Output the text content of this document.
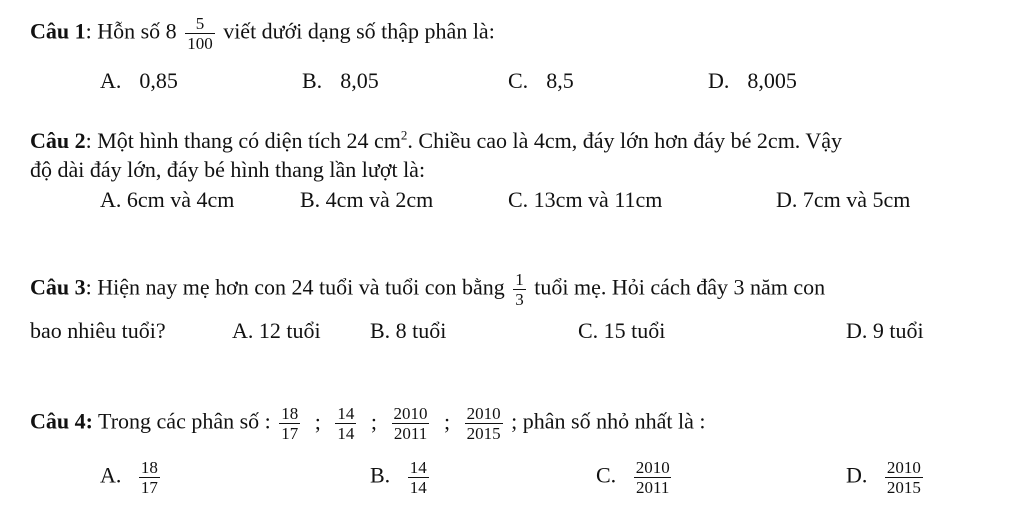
Câu 1: Hỗn số $8 \frac{5}{100}$ viết dưới dạng số thập phân là:
A. 0,85	B. 8,05	C. 8,5	D. 8,005
Câu 2: Một hình thang có diện tích 24 $cm^2$. Chiều cao là 4cm, đáy lớn hơn đáy bé 2cm. Vậy
độ dài đáy lớn, đáy bé hình thang lần lượt là:
A. 6cm và 4cm	B. 4cm và 2cm	C. 13cm và 11cm	D. 7cm và 5cm
Câu 3: Hiện nay mẹ hơn con 24 tuổi và tuổi con bằng $\frac{1}{3}$ tuổi mẹ. Hỏi cách đây 3 năm con
bao nhiêu tuổi?	A. 12 tuổi B. 8 tuổi	C. 15 tuổi	D. 9 tuổi
Câu 4: Trong các phân số : $\frac{18}{17}$ ; $\frac{14}{14}$ ; $\frac{2010}{2011}$ ; $\frac{2010}{2015}$ ; phân số nhỏ nhất là :
A. $\frac{18}{17}$	B. $\frac{14}{14}$	C. $\frac{2010}{2011}$	D. $\frac{2010}{2015}$
